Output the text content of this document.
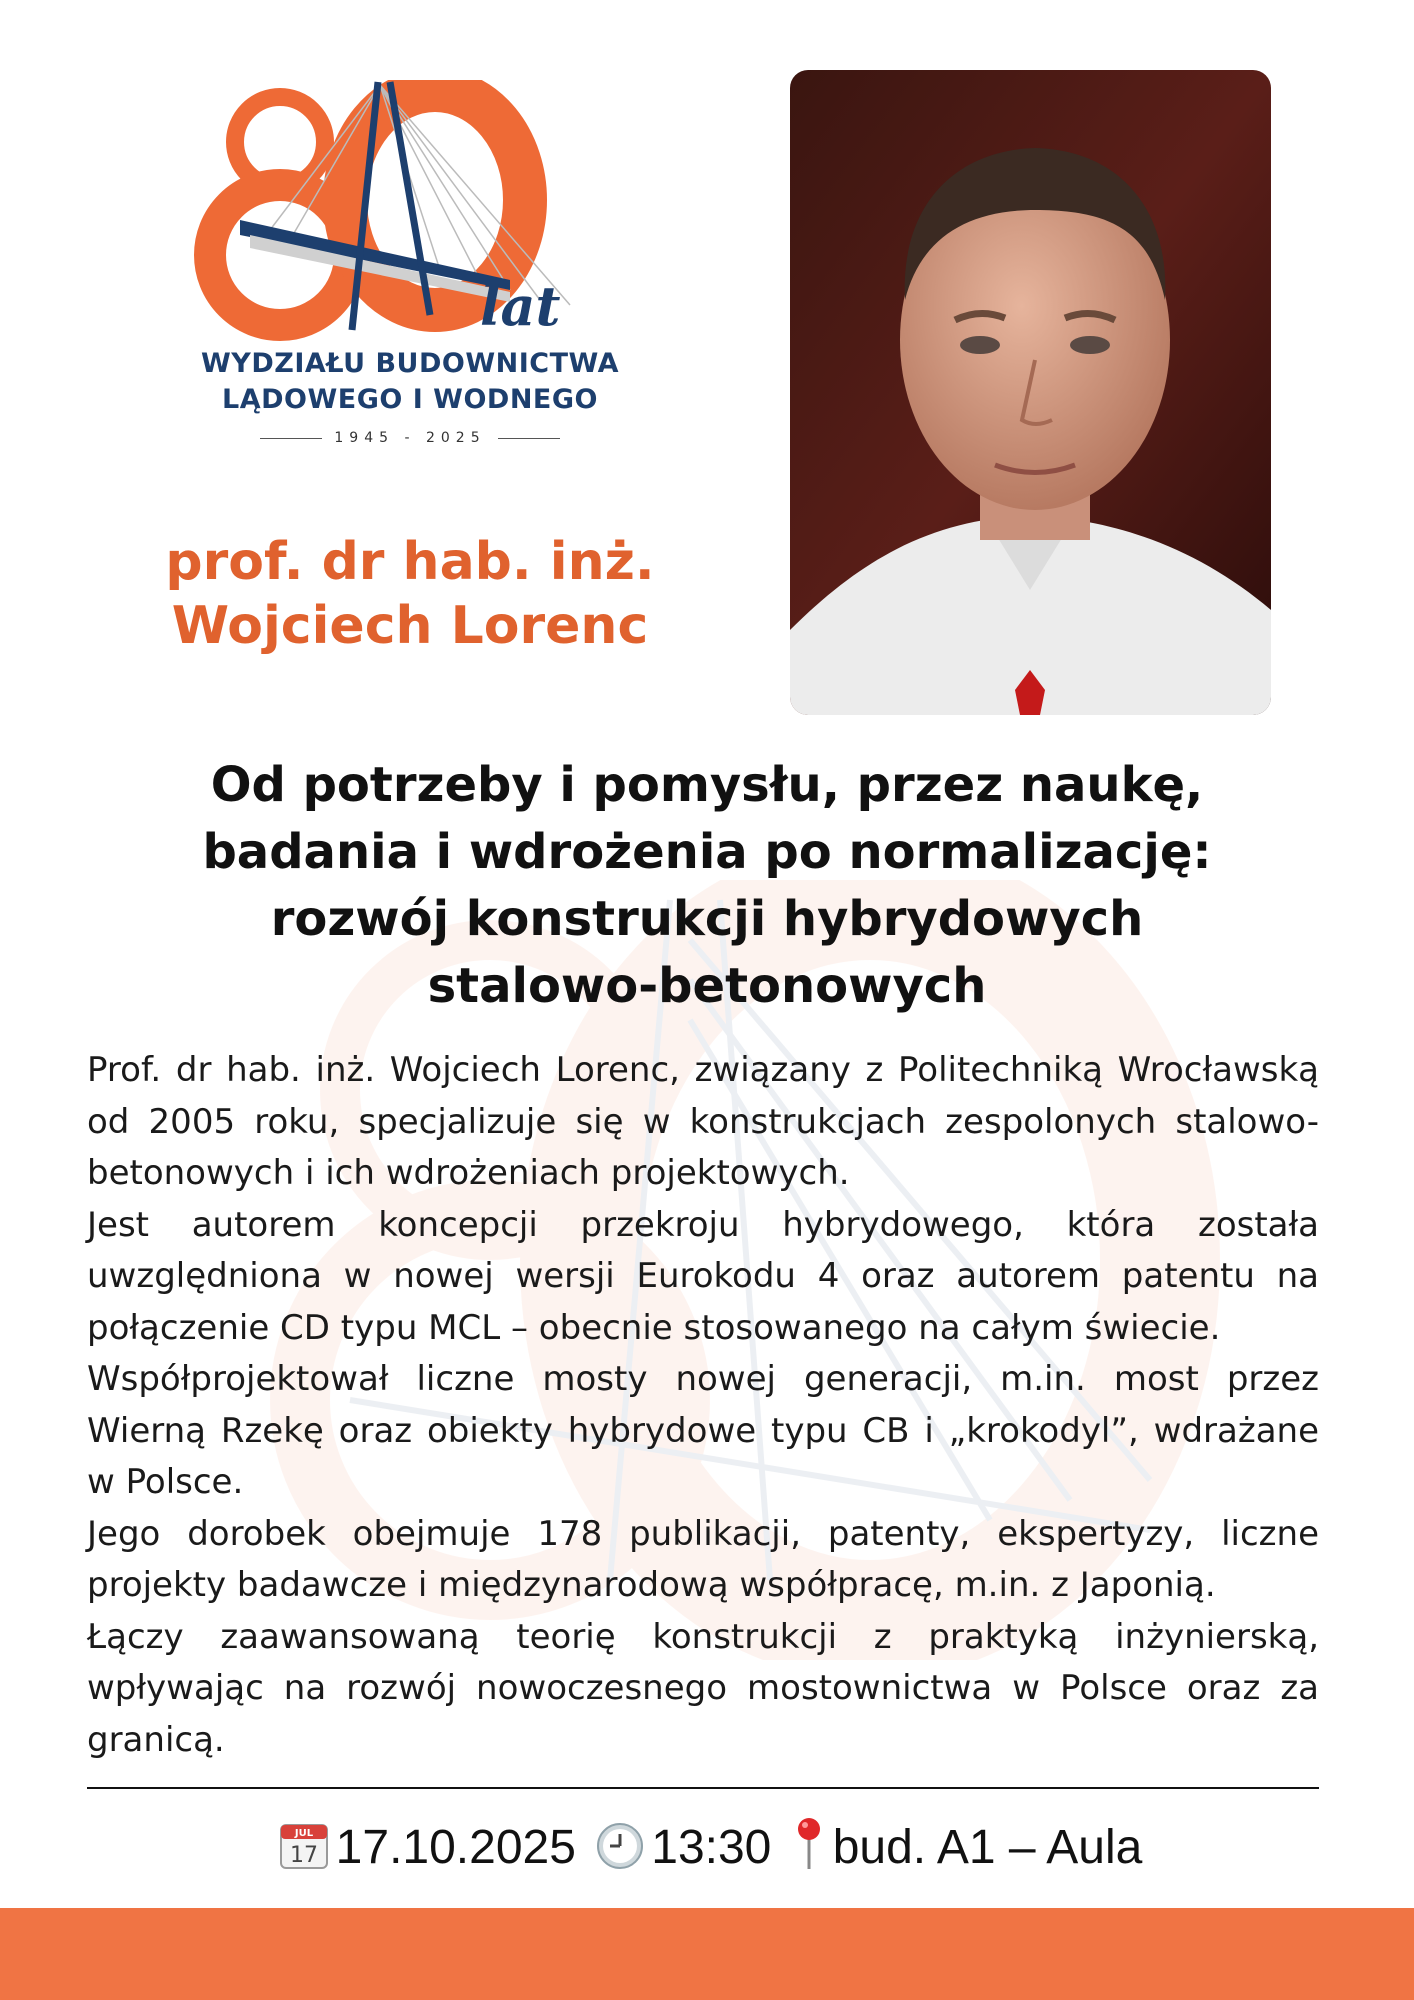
lat
WYDZIAŁU BUDOWNICTWA
LĄDOWEGO I WODNEGO
1945 - 2025
prof. dr hab. inż.
Wojciech Lorenc
Od potrzeby i pomysłu, przez naukę,
badania i wdrożenia po normalizację:
rozwój konstrukcji hybrydowych
stalowo-betonowych

Prof. dr hab. inż. Wojciech Lorenc, związany z Politechniką Wrocławską od 2005 roku, specjalizuje się w konstrukcjach zespolonych stalowo-betonowych i ich wdrożeniach projektowych.

Jest autorem koncepcji przekroju hybrydowego, która została uwzględniona w nowej wersji Eurokodu 4 oraz autorem patentu na połączenie CD typu MCL – obecnie stosowanego na całym świecie.

Współprojektował liczne mosty nowej generacji, m.in. most przez Wierną Rzekę oraz obiekty hybrydowe typu CB i „krokodyl”, wdrażane w Polsce.

Jego dorobek obejmuje 178 publikacji, patenty, ekspertyzy, liczne projekty badawcze i międzynarodową współpracę, m.in. z Japonią.

Łączy zaawansowaną teorię konstrukcji z praktyką inżynierską, wpływając na rozwój nowoczesnego mostownictwa w Polsce oraz za granicą.

JUL
17 17.10.2025 13:30 bud. A1 – Aula
